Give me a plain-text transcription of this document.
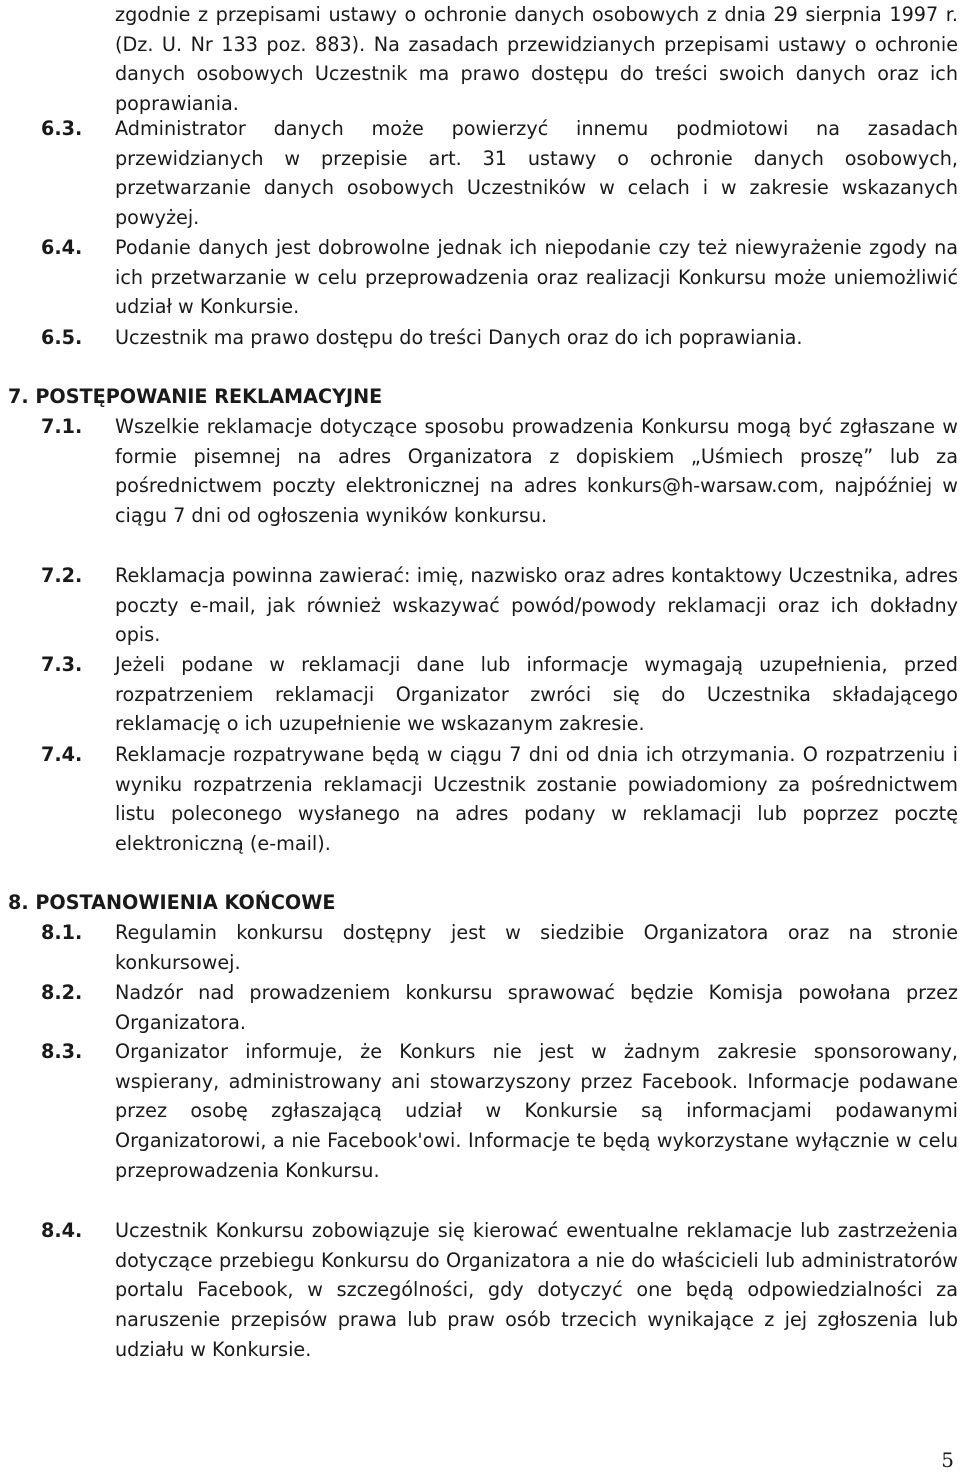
zgodnie z przepisami ustawy o ochronie danych osobowych z dnia 29 sierpnia 1997 r. (Dz. U. Nr 133 poz. 883). Na zasadach przewidzianych przepisami ustawy o ochronie danych osobowych Uczestnik ma prawo dostępu do treści swoich danych oraz ich poprawiania.
6.3.	Administrator danych może powierzyć innemu podmiotowi na zasadach przewidzianych w przepisie art. 31 ustawy o ochronie danych osobowych, przetwarzanie danych osobowych Uczestników w celach i w zakresie wskazanych powyżej.
6.4.	Podanie danych jest dobrowolne jednak ich niepodanie czy też niewyrażenie zgody na ich przetwarzanie w celu przeprowadzenia oraz realizacji Konkursu może uniemożliwić udział w Konkursie.
6.5.	Uczestnik ma prawo dostępu do treści Danych oraz do ich poprawiania.
7. POSTĘPOWANIE REKLAMACYJNE
7.1.	Wszelkie reklamacje dotyczące sposobu prowadzenia Konkursu mogą być zgłaszane w formie pisemnej na adres Organizatora z dopiskiem „Uśmiech proszę” lub za pośrednictwem poczty elektronicznej na adres konkurs@h-warsaw.com, najpóźniej w ciągu 7 dni od ogłoszenia wyników konkursu.
7.2.	Reklamacja powinna zawierać: imię, nazwisko oraz adres kontaktowy Uczestnika, adres poczty e-mail, jak również wskazywać powód/powody reklamacji oraz ich dokładny opis.
7.3.	Jeżeli podane w reklamacji dane lub informacje wymagają uzupełnienia, przed rozpatrzeniem reklamacji Organizator zwróci się do Uczestnika składającego reklamację o ich uzupełnienie we wskazanym zakresie.
7.4.	Reklamacje rozpatrywane będą w ciągu 7 dni od dnia ich otrzymania. O rozpatrzeniu i wyniku rozpatrzenia reklamacji Uczestnik zostanie powiadomiony za pośrednictwem listu poleconego wysłanego na adres podany w reklamacji lub poprzez pocztę elektroniczną (e-mail).
8. POSTANOWIENIA KOŃCOWE
8.1.	Regulamin konkursu dostępny jest w siedzibie Organizatora oraz na stronie konkursowej.
8.2.	Nadzór nad prowadzeniem konkursu sprawować będzie Komisja powołana przez Organizatora.
8.3.	Organizator informuje, że Konkurs nie jest w żadnym zakresie sponsorowany, wspierany, administrowany ani stowarzyszony przez Facebook. Informacje podawane przez osobę zgłaszającą udział w Konkursie są informacjami podawanymi Organizatorowi, a nie Facebook'owi. Informacje te będą wykorzystane wyłącznie w celu przeprowadzenia Konkursu.
8.4.	Uczestnik Konkursu zobowiązuje się kierować ewentualne reklamacje lub zastrzeżenia dotyczące przebiegu Konkursu do Organizatora a nie do właścicieli lub administratorów portalu Facebook, w szczególności, gdy dotyczyć one będą odpowiedzialności za naruszenie przepisów prawa lub praw osób trzecich wynikające z jej zgłoszenia lub udziału w Konkursie.
5
